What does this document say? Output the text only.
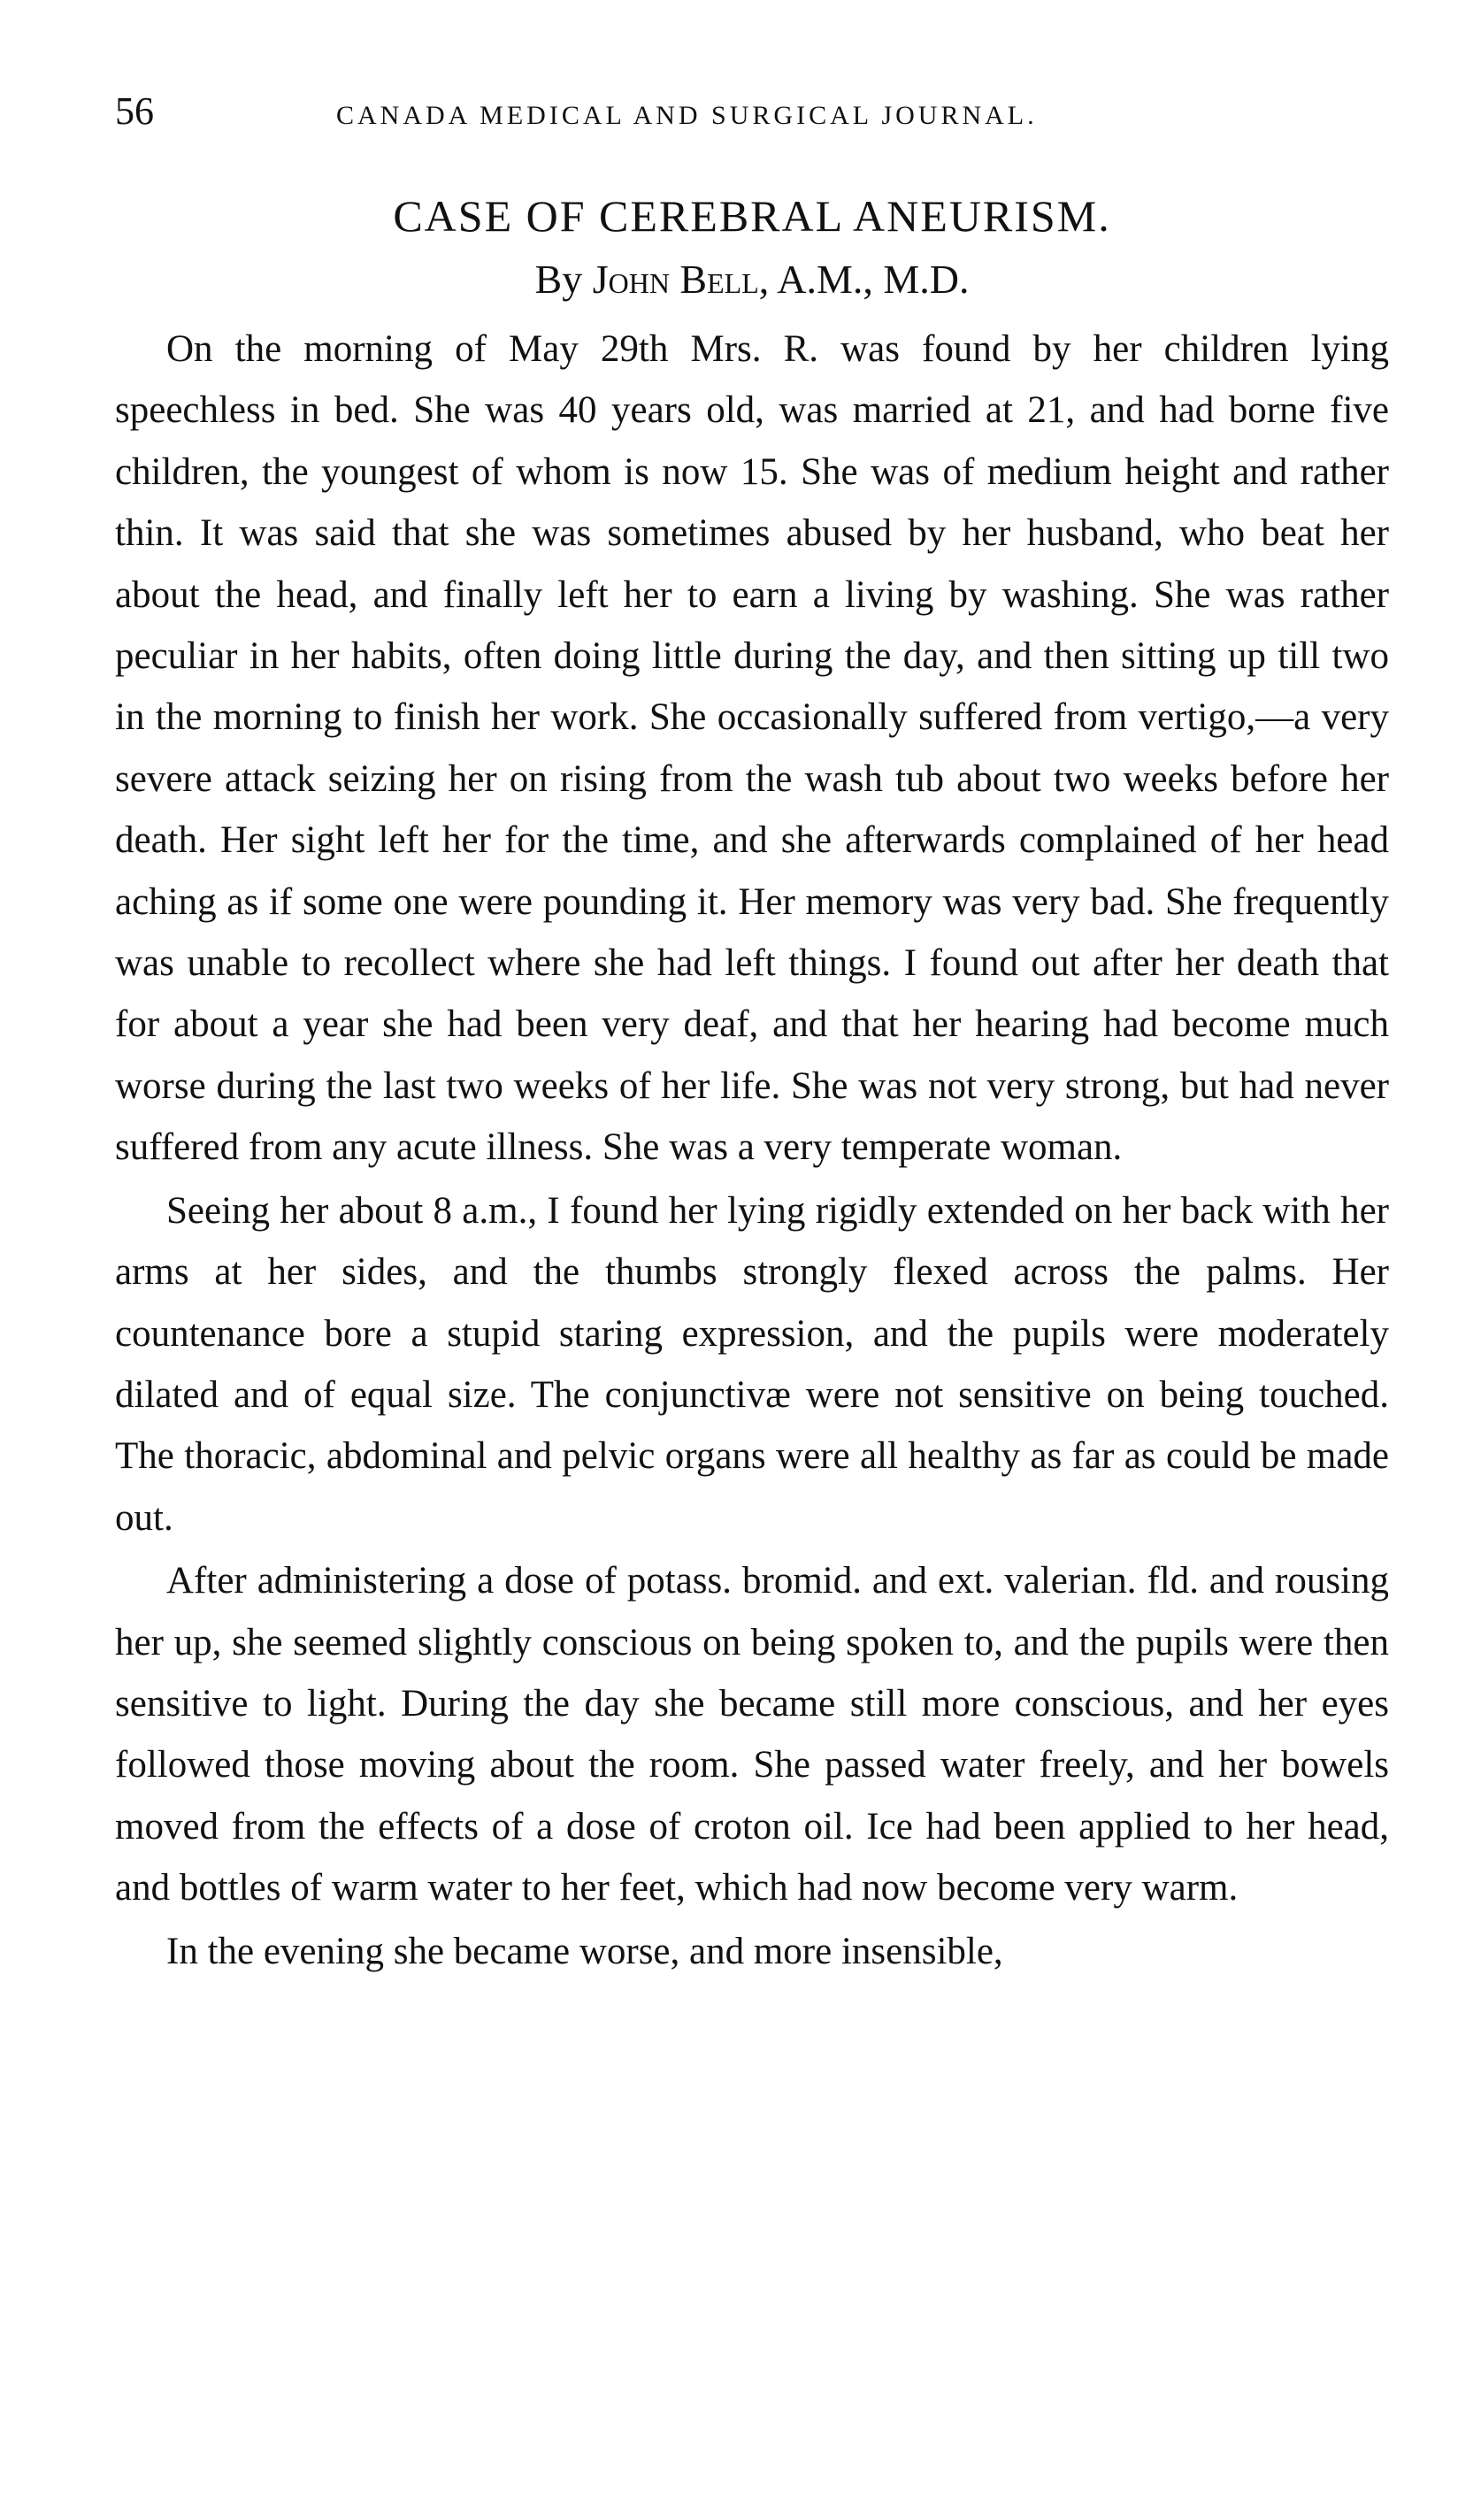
56	CANADA MEDICAL AND SURGICAL JOURNAL.
CASE OF CEREBRAL ANEURISM.
By John Bell, A.M., M.D.

On the morning of May 29th Mrs. R. was found by her children lying speechless in bed. She was 40 years old, was married at 21, and had borne five children, the youngest of whom is now 15. She was of medium height and rather thin. It was said that she was sometimes abused by her husband, who beat her about the head, and finally left her to earn a living by washing. She was rather peculiar in her habits, often doing little during the day, and then sitting up till two in the morning to finish her work. She occasionally suffered from vertigo,—a very severe attack seizing her on rising from the wash tub about two weeks before her death. Her sight left her for the time, and she afterwards complained of her head aching as if some one were pounding it. Her memory was very bad. She frequently was unable to recollect where she had left things. I found out after her death that for about a year she had been very deaf, and that her hearing had become much worse during the last two weeks of her life. She was not very strong, but had never suffered from any acute illness. She was a very temperate woman.

Seeing her about 8 a.m., I found her lying rigidly extended on her back with her arms at her sides, and the thumbs strongly flexed across the palms. Her countenance bore a stupid staring expression, and the pupils were moderately dilated and of equal size. The conjunctivæ were not sensitive on being touched. The thoracic, abdominal and pelvic organs were all healthy as far as could be made out.

After administering a dose of potass. bromid. and ext. valerian. fld. and rousing her up, she seemed slightly conscious on being spoken to, and the pupils were then sensitive to light. During the day she became still more conscious, and her eyes followed those moving about the room. She passed water freely, and her bowels moved from the effects of a dose of croton oil. Ice had been applied to her head, and bottles of warm water to her feet, which had now become very warm.

In the evening she became worse, and more insensible,
